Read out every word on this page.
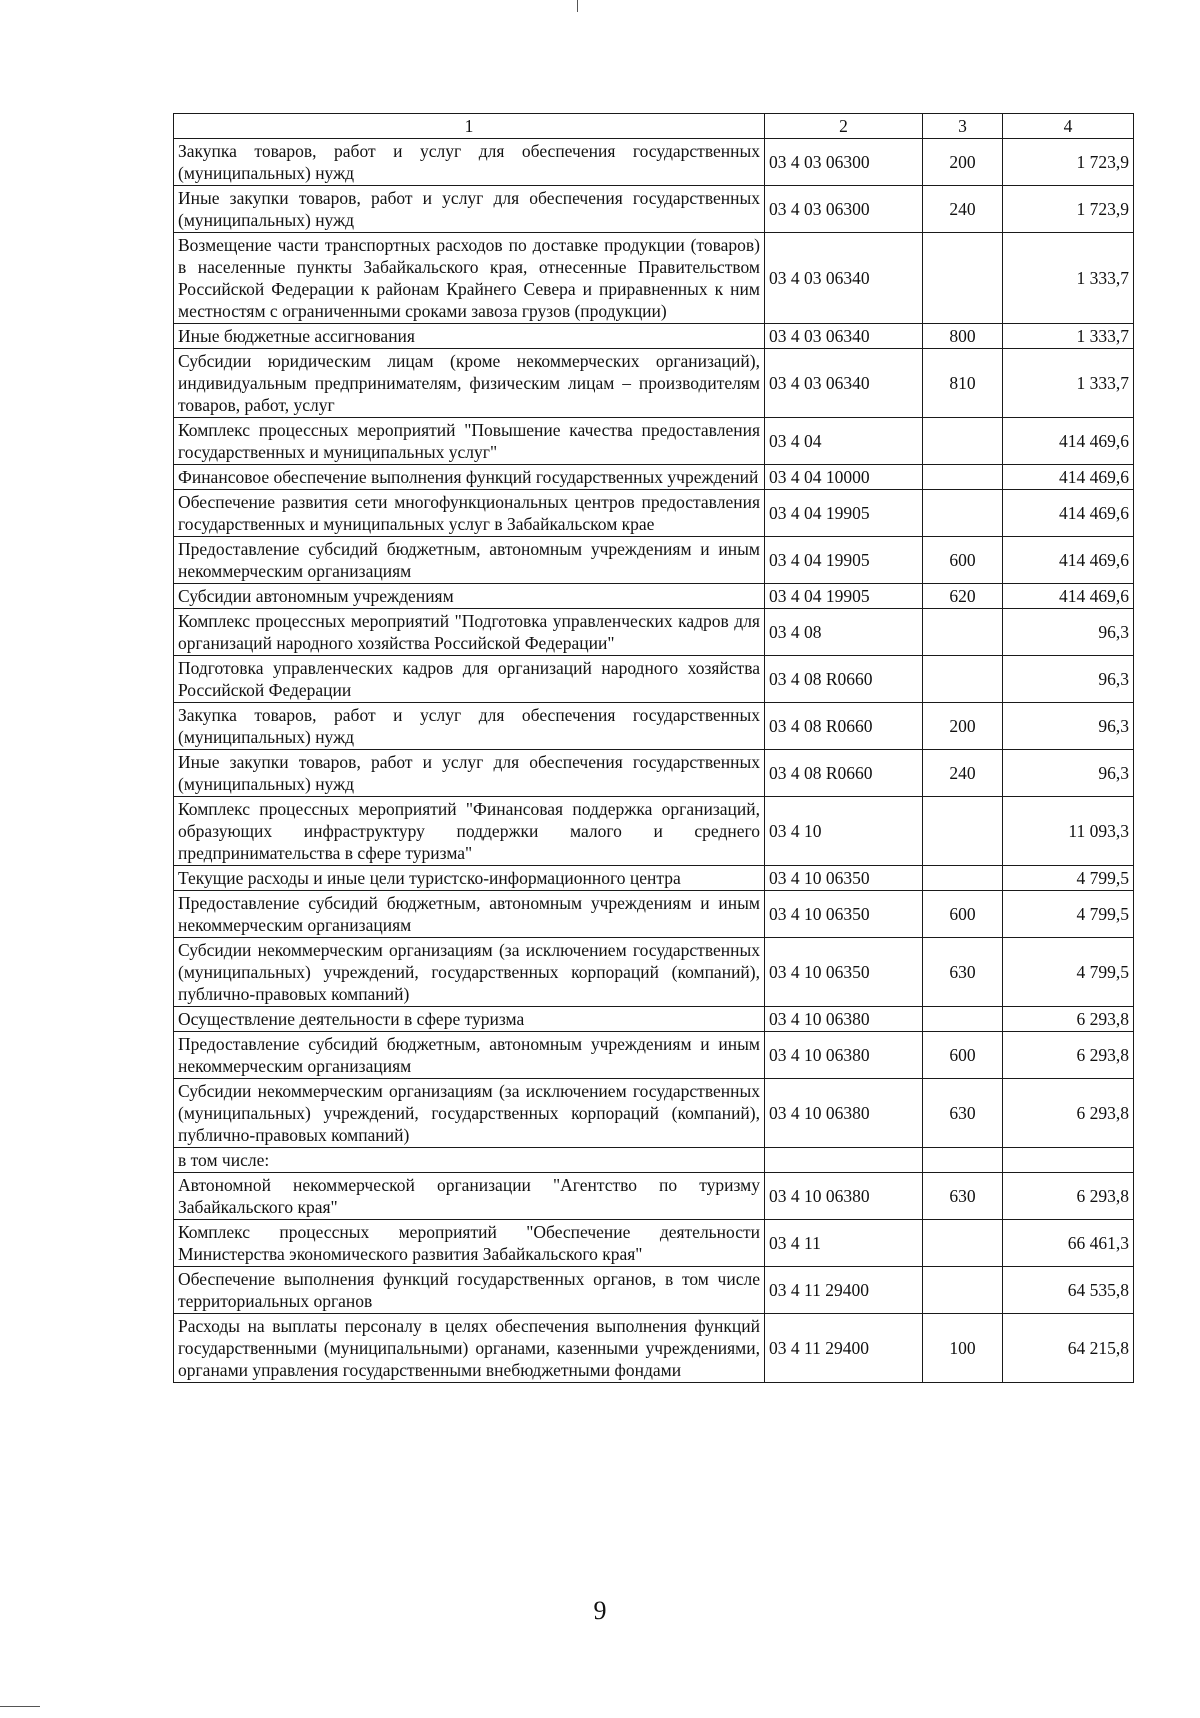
1	2	3	4
Закупка товаров, работ и услуг для обеспечения государственных (муниципальных) нужд	03 4 03 06300	200	1 723,9
Иные закупки товаров, работ и услуг для обеспечения государственных (муниципальных) нужд	03 4 03 06300	240	1 723,9
Возмещение части транспортных расходов по доставке продукции (товаров) в населенные пункты Забайкальского края, отнесенные Правительством Российской Федерации к районам Крайнего Севера и приравненных к ним местностям с ограниченными сроками завоза грузов (продукции)	03 4 03 06340		1 333,7
Иные бюджетные ассигнования	03 4 03 06340	800	1 333,7
Субсидии юридическим лицам (кроме некоммерческих организаций), индивидуальным предпринимателям, физическим лицам – производителям товаров, работ, услуг	03 4 03 06340	810	1 333,7
Комплекс процессных мероприятий "Повышение качества предоставления государственных и муниципальных услуг"	03 4 04		414 469,6
Финансовое обеспечение выполнения функций государственных учреждений	03 4 04 10000		414 469,6
Обеспечение развития сети многофункциональных центров предоставления государственных и муниципальных услуг в Забайкальском крае	03 4 04 19905		414 469,6
Предоставление субсидий бюджетным, автономным учреждениям и иным некоммерческим организациям	03 4 04 19905	600	414 469,6
Субсидии автономным учреждениям	03 4 04 19905	620	414 469,6
Комплекс процессных мероприятий "Подготовка управленческих кадров для организаций народного хозяйства Российской Федерации"	03 4 08		96,3
Подготовка управленческих кадров для организаций народного хозяйства Российской Федерации	03 4 08 R0660		96,3
Закупка товаров, работ и услуг для обеспечения государственных (муниципальных) нужд	03 4 08 R0660	200	96,3
Иные закупки товаров, работ и услуг для обеспечения государственных (муниципальных) нужд	03 4 08 R0660	240	96,3
Комплекс процессных мероприятий "Финансовая поддержка организаций, образующих инфраструктуру поддержки малого и среднего предпринимательства в сфере туризма"	03 4 10		11 093,3
Текущие расходы и иные цели туристско-информационного центра	03 4 10 06350		4 799,5
Предоставление субсидий бюджетным, автономным учреждениям и иным некоммерческим организациям	03 4 10 06350	600	4 799,5
Субсидии некоммерческим организациям (за исключением государственных (муниципальных) учреждений, государственных корпораций (компаний), публично-правовых компаний)	03 4 10 06350	630	4 799,5
Осуществление деятельности в сфере туризма	03 4 10 06380		6 293,8
Предоставление субсидий бюджетным, автономным учреждениям и иным некоммерческим организациям	03 4 10 06380	600	6 293,8
Субсидии некоммерческим организациям (за исключением государственных (муниципальных) учреждений, государственных корпораций (компаний), публично-правовых компаний)	03 4 10 06380	630	6 293,8
в том числе:			
Автономной некоммерческой организации "Агентство по туризму Забайкальского края"	03 4 10 06380	630	6 293,8
Комплекс процессных мероприятий "Обеспечение деятельности Министерства экономического развития Забайкальского края"	03 4 11		66 461,3
Обеспечение выполнения функций государственных органов, в том числе территориальных органов	03 4 11 29400		64 535,8
Расходы на выплаты персоналу в целях обеспечения выполнения функций государственными (муниципальными) органами, казенными учреждениями, органами управления государственными внебюджетными фондами	03 4 11 29400	100	64 215,8
9
